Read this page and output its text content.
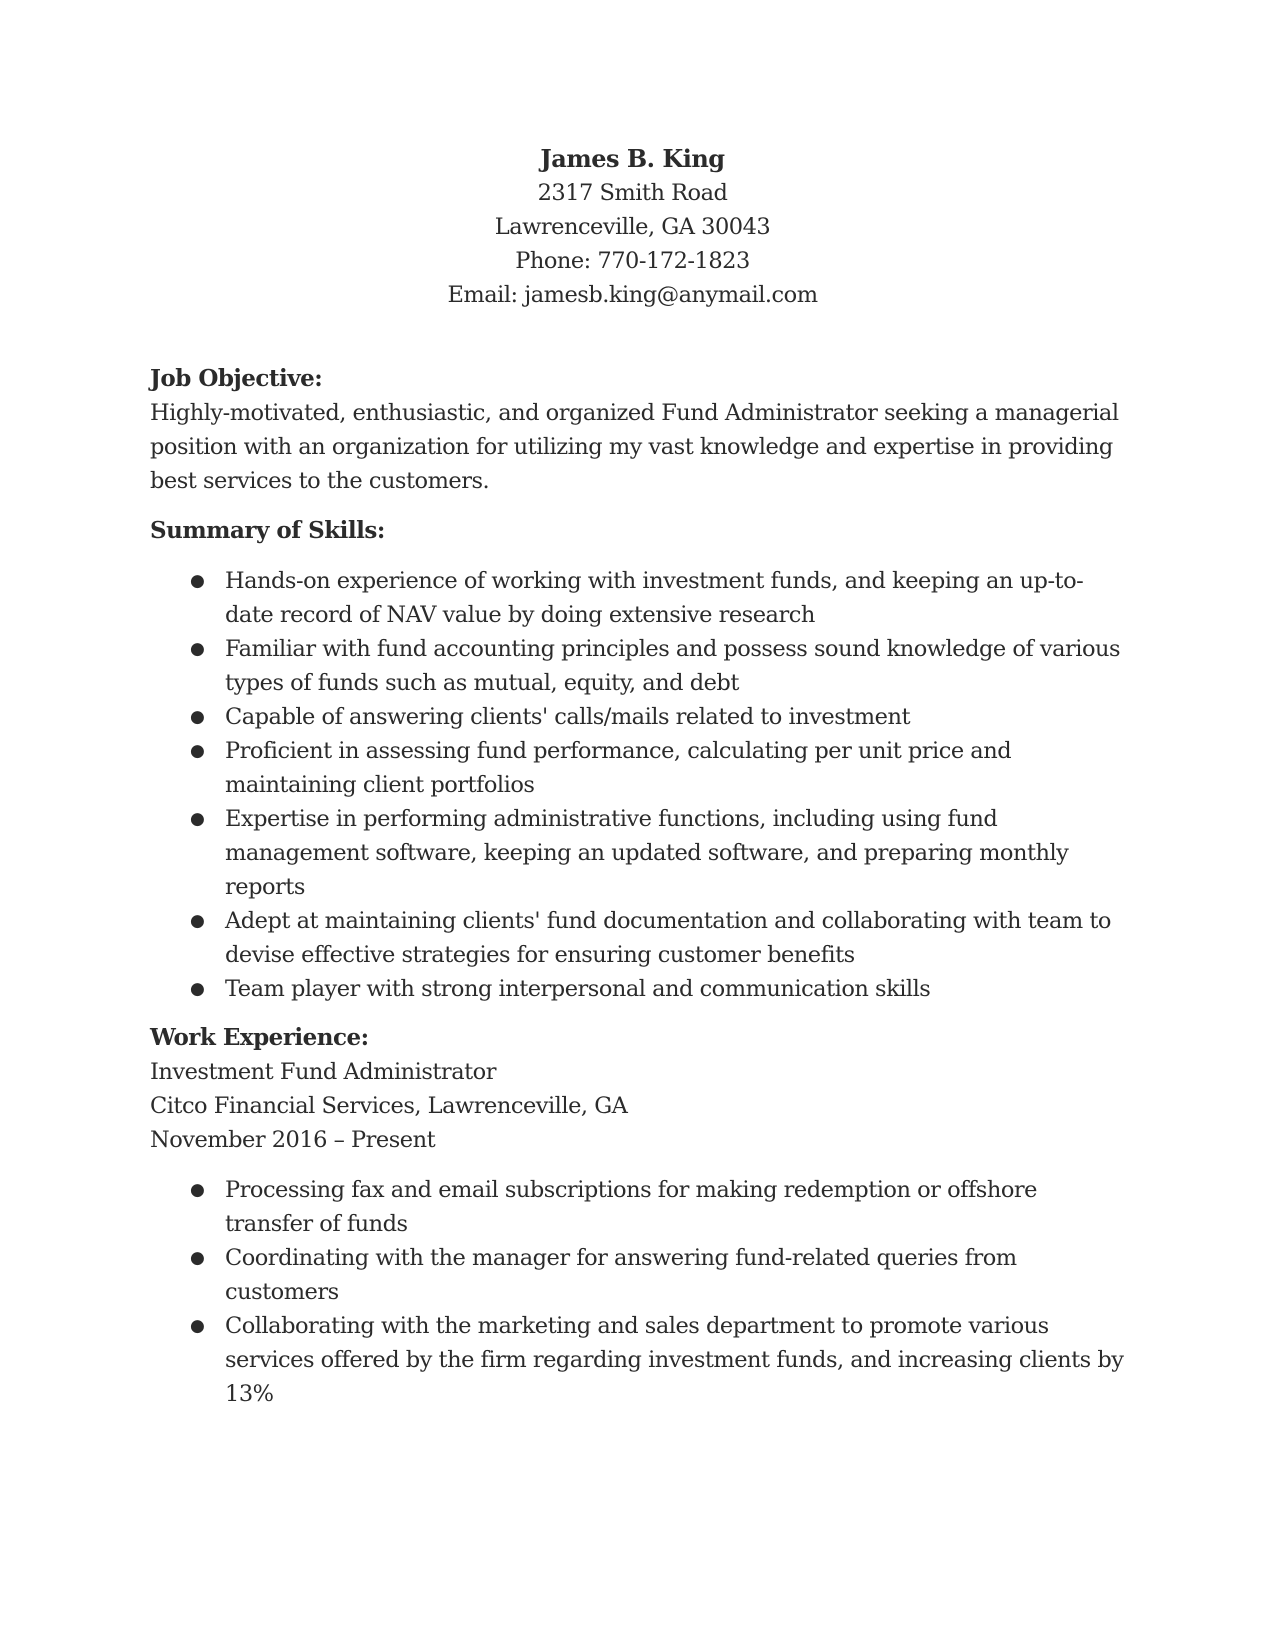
James B. King
2317 Smith Road
Lawrenceville, GA 30043
Phone: 770-172-1823
Email: jamesb.king@anymail.com
Job Objective:

Highly-motivated, enthusiastic, and organized Fund Administrator seeking a managerial position with an organization for utilizing my vast knowledge and expertise in providing best services to the customers.

Summary of Skills:
● Hands-on experience of working with investment funds, and keeping an up-to-date record of NAV value by doing extensive research
● Familiar with fund accounting principles and possess sound knowledge of various types of funds such as mutual, equity, and debt
● Capable of answering clients' calls/mails related to investment
● Proficient in assessing fund performance, calculating per unit price and maintaining client portfolios
● Expertise in performing administrative functions, including using fund management software, keeping an updated software, and preparing monthly reports
● Adept at maintaining clients' fund documentation and collaborating with team to devise effective strategies for ensuring customer benefits
● Team player with strong interpersonal and communication skills
Work Experience:

Investment Fund Administrator

Citco Financial Services, Lawrenceville, GA

November 2016 – Present

● Processing fax and email subscriptions for making redemption or offshore transfer of funds
● Coordinating with the manager for answering fund-related queries from customers
● Collaborating with the marketing and sales department to promote various services offered by the firm regarding investment funds, and increasing clients by 13%
